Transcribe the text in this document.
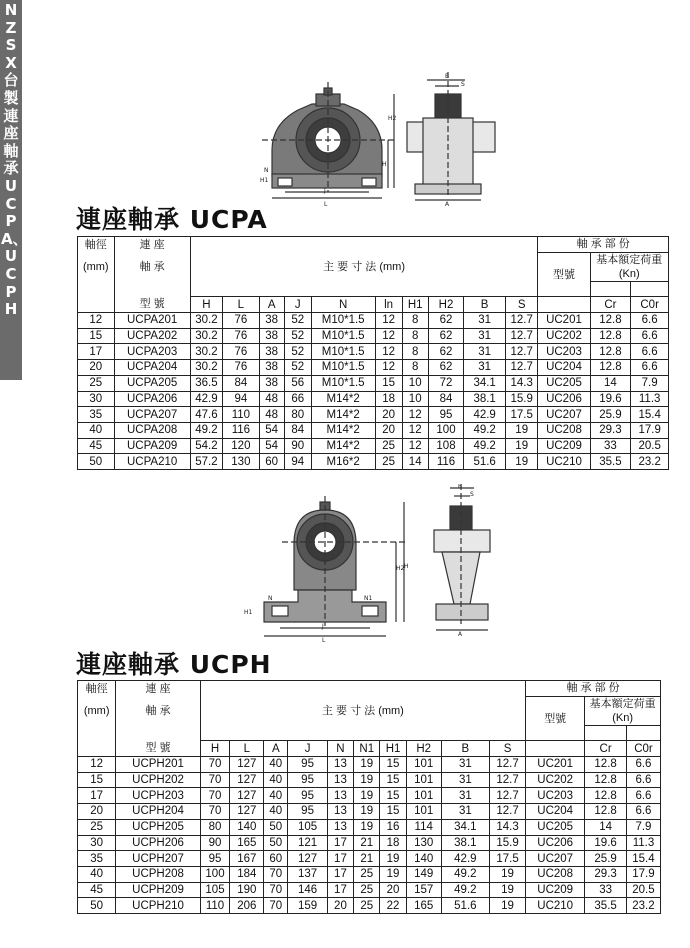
NZSX台製連座軸承UCPA、UCPH
H1
H
J
L
H2
N
B
S
A
連座軸承 UCPA
軸徑	連 座	主 要 寸 法 (mm)										軸 承 部 份		
(mm)	軸 承											型號	基本額定荷重
(Kn)	

	型 號	H	L	A	J	N	ln	H1	H2	B	S		Cr	C0r
12	UCPA201	30.2	76	38	52	M10*1.5	12	8	62	31	12.7	UC201	12.8	6.6
15	UCPA202	30.2	76	38	52	M10*1.5	12	8	62	31	12.7	UC202	12.8	6.6
17	UCPA203	30.2	76	38	52	M10*1.5	12	8	62	31	12.7	UC203	12.8	6.6
20	UCPA204	30.2	76	38	52	M10*1.5	12	8	62	31	12.7	UC204	12.8	6.6
25	UCPA205	36.5	84	38	56	M10*1.5	15	10	72	34.1	14.3	UC205	14	7.9
30	UCPA206	42.9	94	48	66	M14*2	18	10	84	38.1	15.9	UC206	19.6	11.3
35	UCPA207	47.6	110	48	80	M14*2	20	12	95	42.9	17.5	UC207	25.9	15.4
40	UCPA208	49.2	116	54	84	M14*2	20	12	100	49.2	19	UC208	29.3	17.9
45	UCPA209	54.2	120	54	90	M14*2	25	12	108	49.2	19	UC209	33	20.5
50	UCPA210	57.2	130	60	94	M16*2	25	14	116	51.6	19	UC210	35.5	23.2
H1
N	N1
J
L
H2 H
B
S
A
連座軸承 UCPH
軸徑	連 座	主 要 寸 法 (mm)										軸 承 部 份		
(mm)	軸 承											型號	基本額定荷重
(Kn)	

	型 號	H	L	A	J	N	N1	H1	H2	B	S		Cr	C0r
12	UCPH201	70	127	40	95	13	19	15	101	31	12.7	UC201	12.8	6.6
15	UCPH202	70	127	40	95	13	19	15	101	31	12.7	UC202	12.8	6.6
17	UCPH203	70	127	40	95	13	19	15	101	31	12.7	UC203	12.8	6.6
20	UCPH204	70	127	40	95	13	19	15	101	31	12.7	UC204	12.8	6.6
25	UCPH205	80	140	50	105	13	19	16	114	34.1	14.3	UC205	14	7.9
30	UCPH206	90	165	50	121	17	21	18	130	38.1	15.9	UC206	19.6	11.3
35	UCPH207	95	167	60	127	17	21	19	140	42.9	17.5	UC207	25.9	15.4
40	UCPH208	100	184	70	137	17	25	19	149	49.2	19	UC208	29.3	17.9
45	UCPH209	105	190	70	146	17	25	20	157	49.2	19	UC209	33	20.5
50	UCPH210	110	206	70	159	20	25	22	165	51.6	19	UC210	35.5	23.2
